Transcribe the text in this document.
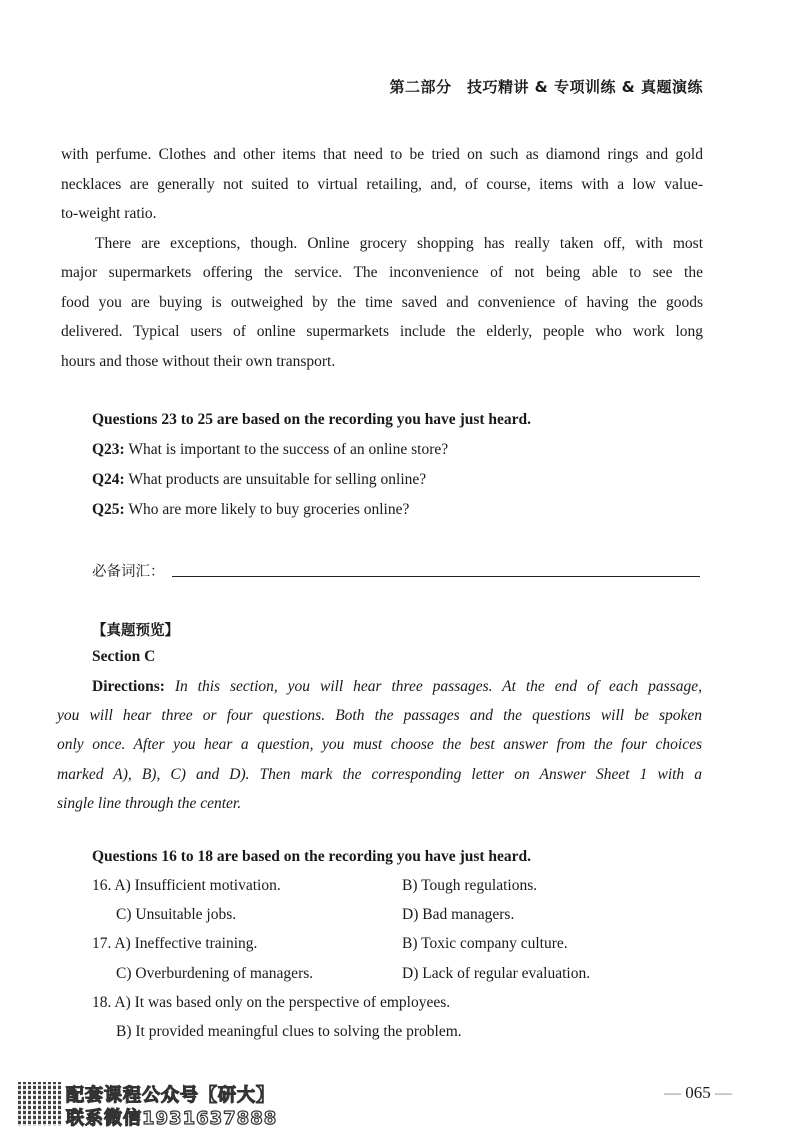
第二部分　技巧精讲 & 专项训练 & 真题演练
with perfume. Clothes and other items that need to be tried on such as diamond rings and gold
necklaces are generally not suited to virtual retailing, and, of course, items with a low value-
to-weight ratio.
There are exceptions, though. Online grocery shopping has really taken off, with most
major supermarkets offering the service. The inconvenience of not being able to see the
food you are buying is outweighed by the time saved and convenience of having the goods
delivered. Typical users of online supermarkets include the elderly, people who work long
hours and those without their own transport.
Questions 23 to 25 are based on the recording you have just heard.
Q23: What is important to the success of an online store?
Q24: What products are unsuitable for selling online?
Q25: Who are more likely to buy groceries online?
必备词汇：
【真题预览】
Section C
Directions: In this section, you will hear three passages. At the end of each passage,
you will hear three or four questions. Both the passages and the questions will be spoken
only once. After you hear a question, you must choose the best answer from the four choices
marked A), B), C) and D). Then mark the corresponding letter on Answer Sheet 1 with a
single line through the center.
Questions 16 to 18 are based on the recording you have just heard.
16. A) Insufficient motivation.	B) Tough regulations.
C) Unsuitable jobs.	D) Bad managers.
17. A) Ineffective training.	B) Toxic company culture.
C) Overburdening of managers.	D) Lack of regular evaluation.
18. A) It was based only on the perspective of employees.
B) It provided meaningful clues to solving the problem.
配套课程公众号【研大】
联系微信1931637888
— 065 —
